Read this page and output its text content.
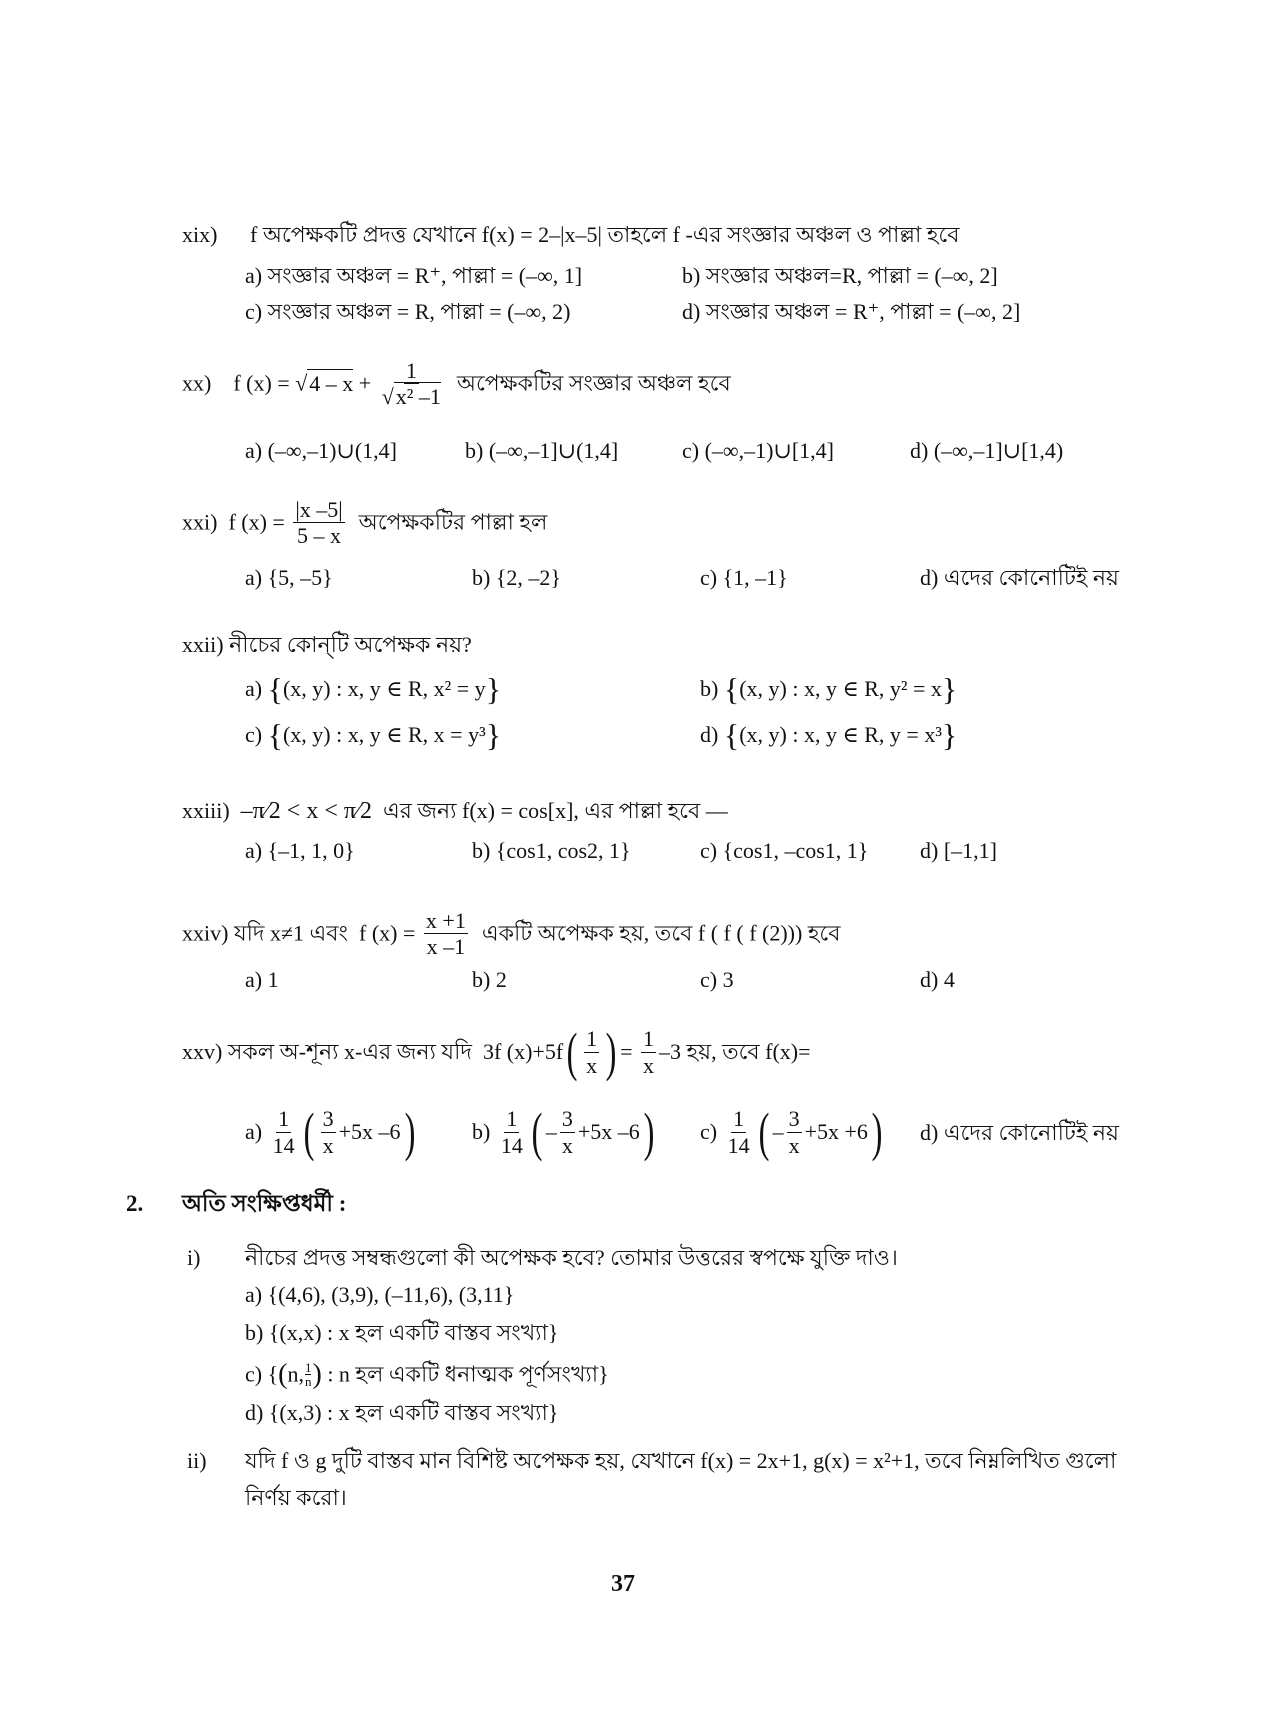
xix) f অপেক্ষকটি প্রদত্ত যেখানে f(x) = 2–|x–5| তাহলে f -এর সংজ্ঞার অঞ্চল ও পাল্লা হবে
a) সংজ্ঞার অঞ্চল = R⁺, পাল্লা = (–∞, 1]	b) সংজ্ঞার অঞ্চল=R, পাল্লা = (–∞, 2]
c) সংজ্ঞার অঞ্চল = R, পাল্লা = (–∞, 2)	d) সংজ্ঞার অঞ্চল = R⁺, পাল্লা = (–∞, 2]
xx) f $(x) = √4 - x + \frac{1}{\text{√x² –1}}$ অপেক্ষকটির সংজ্ঞার অঞ্চল হবে
a) (–∞,–1)∪(1,4]	b) (–∞,–1]∪(1,4]	c) (–∞,–1)∪[1,4]	d) (–∞,–1]∪[1,4)
xxi) f $(x) = \frac{|x -5|}{5 - x}$ অপেক্ষকটির পাল্লা হল
a) {5, –5}	b) {2, –2}	c) {1, –1}	d) এদের কোনোটিই নয়
xxii) নীচের কোন্‌টি অপেক্ষক নয়?
a) {(x, y) : x, y ∈ R, x² = y}	b) {(x, y) : x, y ∈ R, y² = x}
c) {(x, y) : x, y ∈ R, x = y³}	d) {(x, y) : x, y ∈ R, y = x³}
xxiii) –π⁄2 < x < π⁄2 এর জন্য f(x) = cos[x], এর পাল্লা হবে —
a) {–1, 1, 0}	b) {cos1, cos2, 1}	c) {cos1, –cos1, 1} d) [–1,1]
xxiv) যদি x≠1 এবং f $(x) = \frac{x +1}{x -1}$ একটি অপেক্ষক হয়, তবে f ( f ( f (2))) হবে
a) 1	b) 2	c) 3	d) 4
xxv) সকল অ-শূন্য x-এর জন্য যদি 3f $(x)+5f( \frac{1}{x}$ ) = $\frac{1}{x} -3$ হয়, তবে f(x)=
$a) \frac{1}{14}$ ( $\frac{3}{x} +5x$ –6)	$b) \frac{1}{14}$ ( – $\frac{3}{x} +5x$ –6) $c) \frac{1}{14}$ ( – $\frac{3}{x} +5x +6$) d) এদের কোনোটিই নয়
2. অতি সংক্ষিপ্তধর্মী :
i) নীচের প্রদত্ত সম্বন্ধগুলো কী অপেক্ষক হবে? তোমার উত্তরের স্বপক্ষে যুক্তি দাও।
a) {(4,6), (3,9), (–11,6), (3,11}
b) {(x,x) : x হল একটি বাস্তব সংখ্যা}
c) {(n, $\frac{1}{n}$ ) : n হল একটি ধনাত্মক পূর্ণসংখ্যা}
d) {(x,3) : x হল একটি বাস্তব সংখ্যা}
ii) যদি f ও g দুটি বাস্তব মান বিশিষ্ট অপেক্ষক হয়, যেখানে f(x) = 2x+1, g(x) = x²+1, তবে নিম্নলিখিত গুলো
নির্ণয় করো।
37
